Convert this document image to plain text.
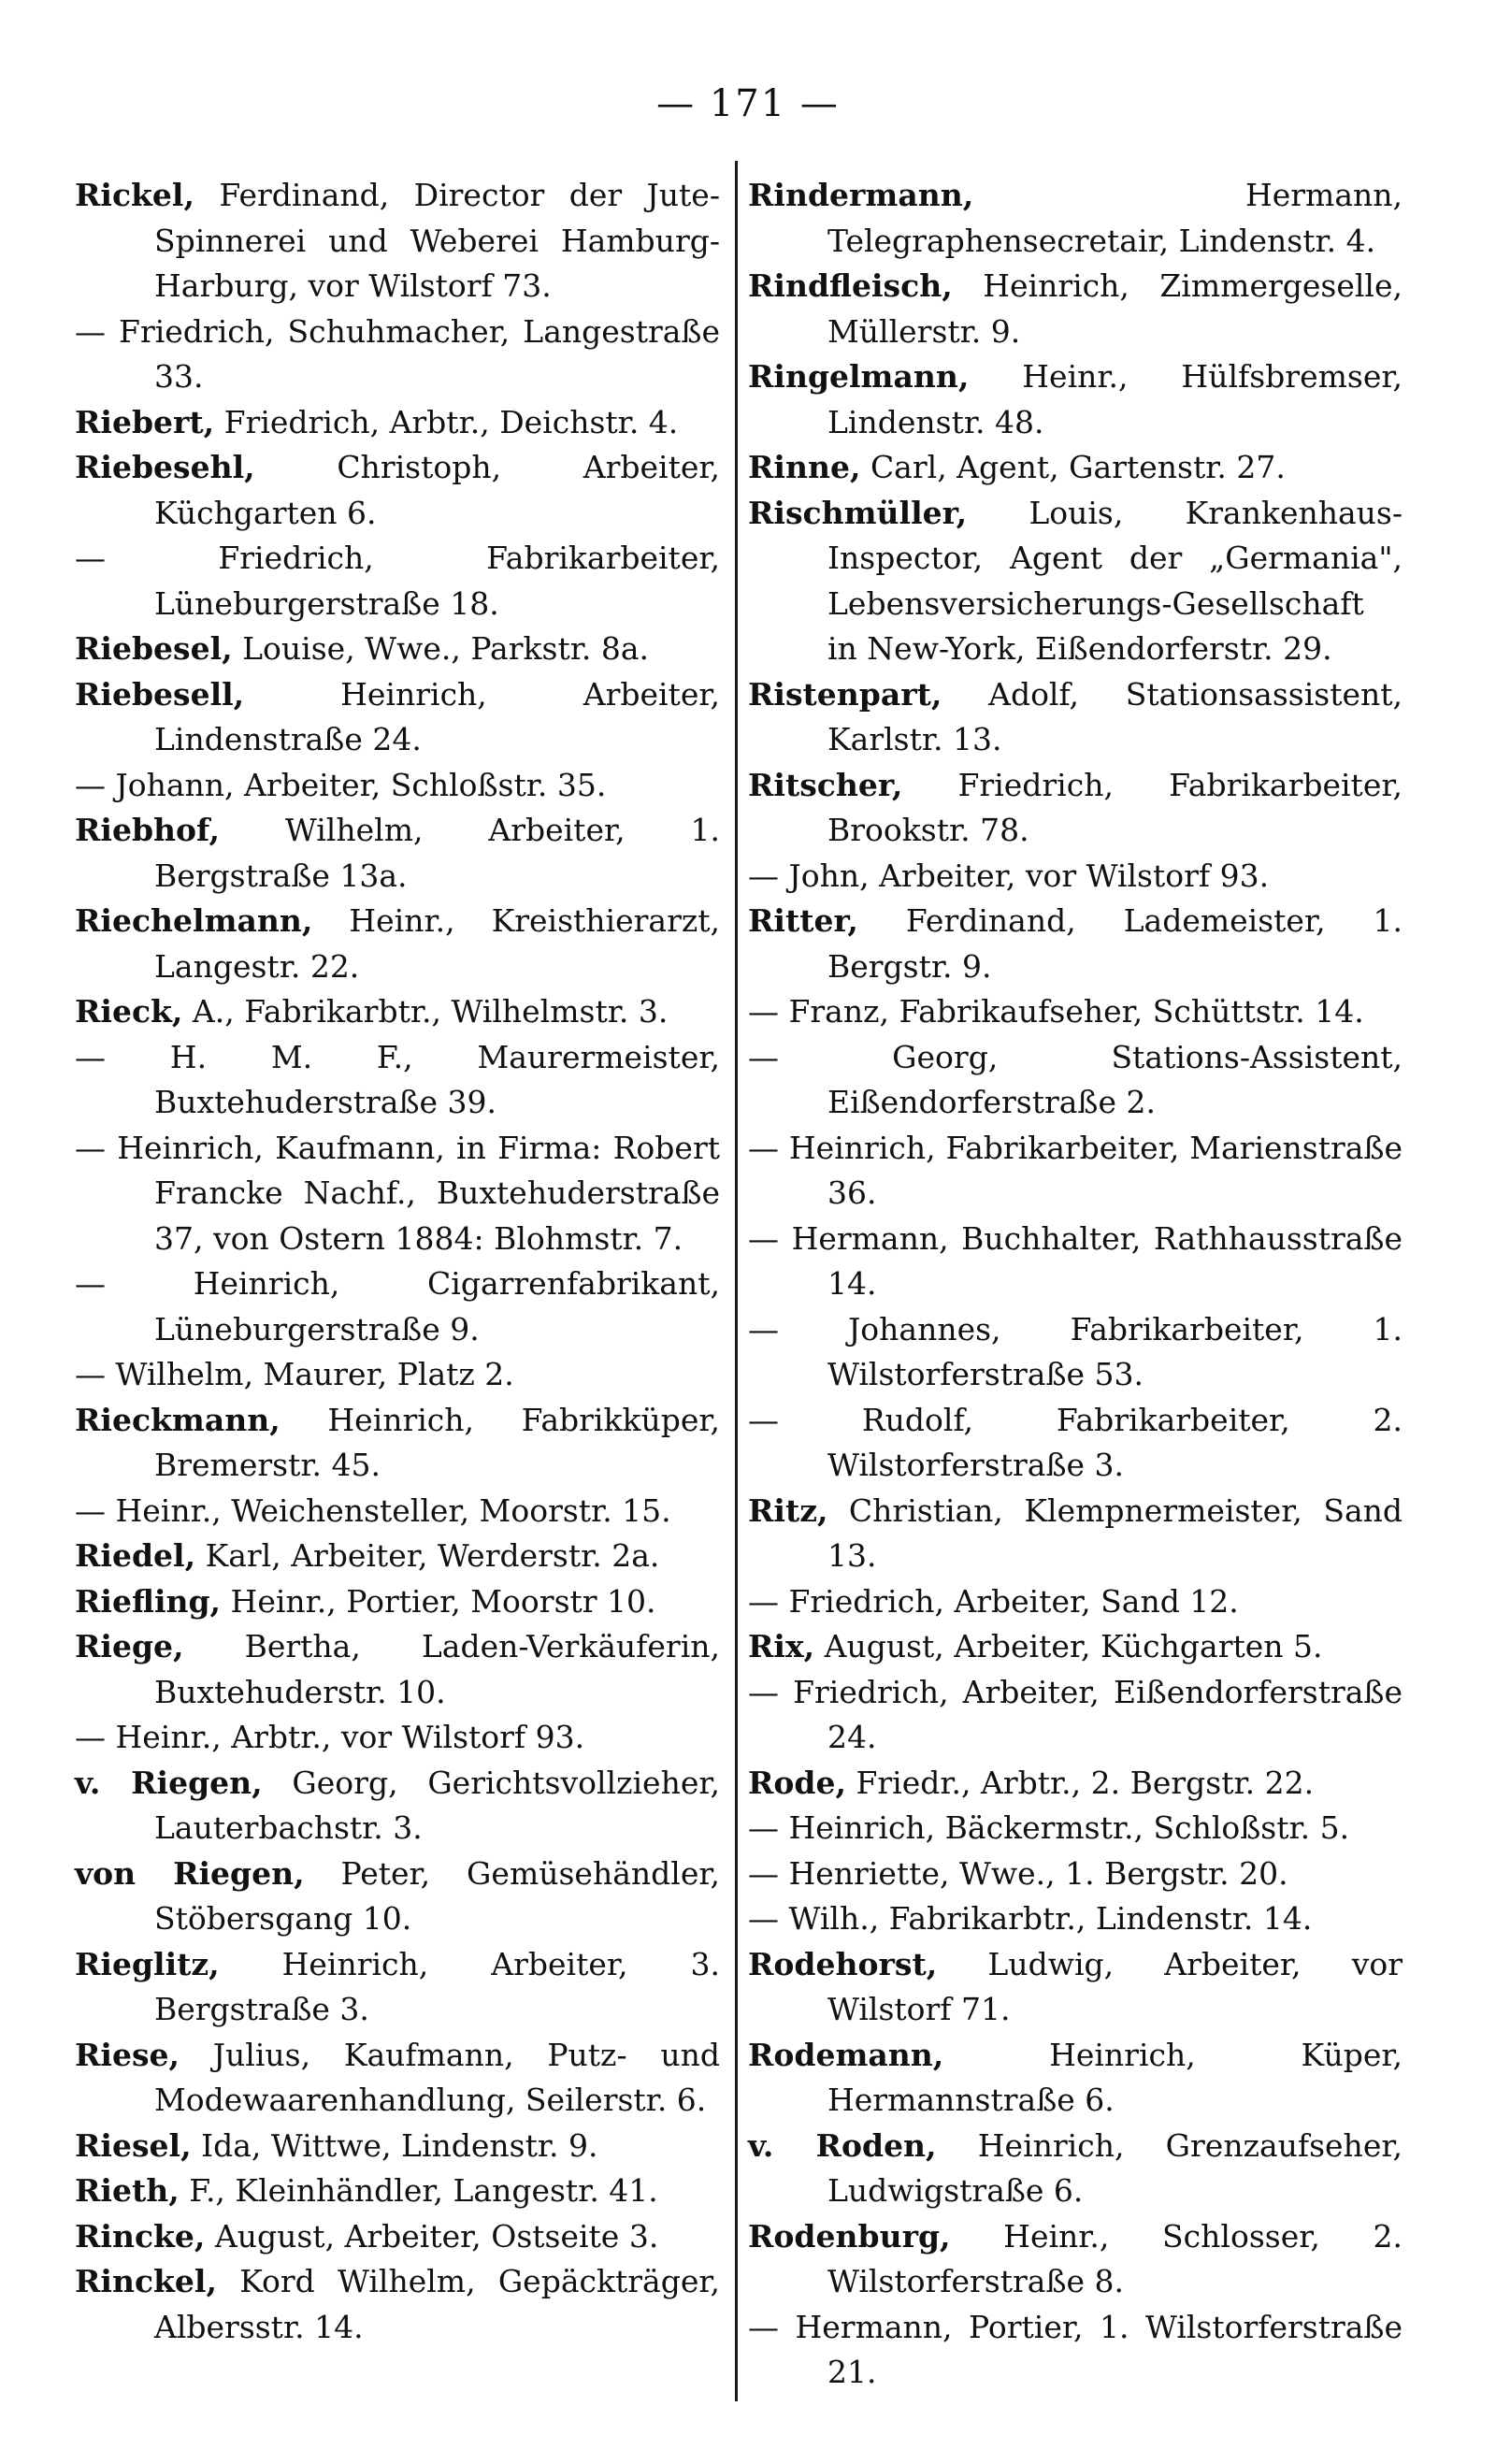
— 171 —
Rickel, Ferdinand, Director der Jute-Spinnerei und Weberei Hamburg-Harburg, vor Wilstorf 73.
— Friedrich, Schuhmacher, Langestraße 33.
Riebert, Friedrich, Arbtr., Deichstr. 4.
Riebesehl,	Christoph, Arbeiter, Küchgarten 6.
—	Friedrich, Fabrikarbeiter, Lüneburgerstraße 18.
Riebesel, Louise, Wwe., Parkstr. 8a.
Riebesell,	Heinrich, Arbeiter, Lindenstraße 24.
— Johann, Arbeiter, Schloßstr. 35.
Riebhof, Wilhelm, Arbeiter, 1. Bergstraße 13a.
Riechelmann, Heinr., Kreisthierarzt, Langestr. 22.
Rieck, A., Fabrikarbtr., Wilhelmstr. 3.
— H. M. F., Maurermeister, Buxtehuderstraße 39.
— Heinrich, Kaufmann, in Firma: Robert Francke Nachf., Buxtehuderstraße 37, von Ostern 1884: Blohmstr. 7.
—	Heinrich, Cigarrenfabrikant, Lüneburgerstraße 9.
— Wilhelm, Maurer, Platz 2.
Rieckmann, Heinrich, Fabrikküper, Bremerstr. 45.
— Heinr., Weichensteller, Moorstr. 15.
Riedel, Karl, Arbeiter, Werderstr. 2a.
Riefling, Heinr., Portier, Moorstr 10.
Riege, Bertha, Laden-Verkäuferin, Buxtehuderstr. 10.
— Heinr., Arbtr., vor Wilstorf 93.
v. Riegen, Georg, Gerichtsvollzieher, Lauterbachstr. 3.
von Riegen, Peter, Gemüsehändler, Stöbersgang 10.
Rieglitz, Heinrich, Arbeiter, 3. Bergstraße 3.
Riese, Julius, Kaufmann, Putz- und Modewaarenhandlung, Seilerstr. 6.
Riesel, Ida, Wittwe, Lindenstr. 9.
Rieth, F., Kleinhändler, Langestr. 41.
Rincke, August, Arbeiter, Ostseite 3.
Rinckel, Kord Wilhelm, Gepäckträger, Albersstr. 14.
Rindermann,	Hermann, Telegraphensecretair, Lindenstr. 4.
Rindfleisch, Heinrich, Zimmergeselle, Müllerstr. 9.
Ringelmann, Heinr., Hülfsbremser, Lindenstr. 48.
Rinne, Carl, Agent, Gartenstr. 27.
Rischmüller, Louis, Krankenhaus-Inspector, Agent der „Germania", Lebensversicherungs-Gesellschaft in New-York, Eißendorferstr. 29.
Ristenpart, Adolf, Stationsassistent, Karlstr. 13.
Ritscher, Friedrich, Fabrikarbeiter, Brookstr. 78.
— John, Arbeiter, vor Wilstorf 93.
Ritter, Ferdinand, Lademeister, 1. Bergstr. 9.
— Franz, Fabrikaufseher, Schüttstr. 14.
—	Georg, Stations-Assistent, Eißendorferstraße 2.
— Heinrich, Fabrikarbeiter, Marienstraße 36.
— Hermann, Buchhalter, Rathhausstraße 14.
— Johannes, Fabrikarbeiter, 1. Wilstorferstraße 53.
—	Rudolf, Fabrikarbeiter, 2. Wilstorferstraße 3.
Ritz, Christian, Klempnermeister, Sand 13.
— Friedrich, Arbeiter, Sand 12.
Rix, August, Arbeiter, Küchgarten 5.
— Friedrich, Arbeiter, Eißendorferstraße 24.
Rode, Friedr., Arbtr., 2. Bergstr. 22.
— Heinrich, Bäckermstr., Schloßstr. 5.
— Henriette, Wwe., 1. Bergstr. 20.
— Wilh., Fabrikarbtr., Lindenstr. 14.
Rodehorst, Ludwig, Arbeiter, vor Wilstorf 71.
Rodemann,	Heinrich, Küper, Hermannstraße 6.
v. Roden, Heinrich, Grenzaufseher, Ludwigstraße 6.
Rodenburg, Heinr., Schlosser, 2. Wilstorferstraße 8.
— Hermann, Portier, 1. Wilstorferstraße 21.
